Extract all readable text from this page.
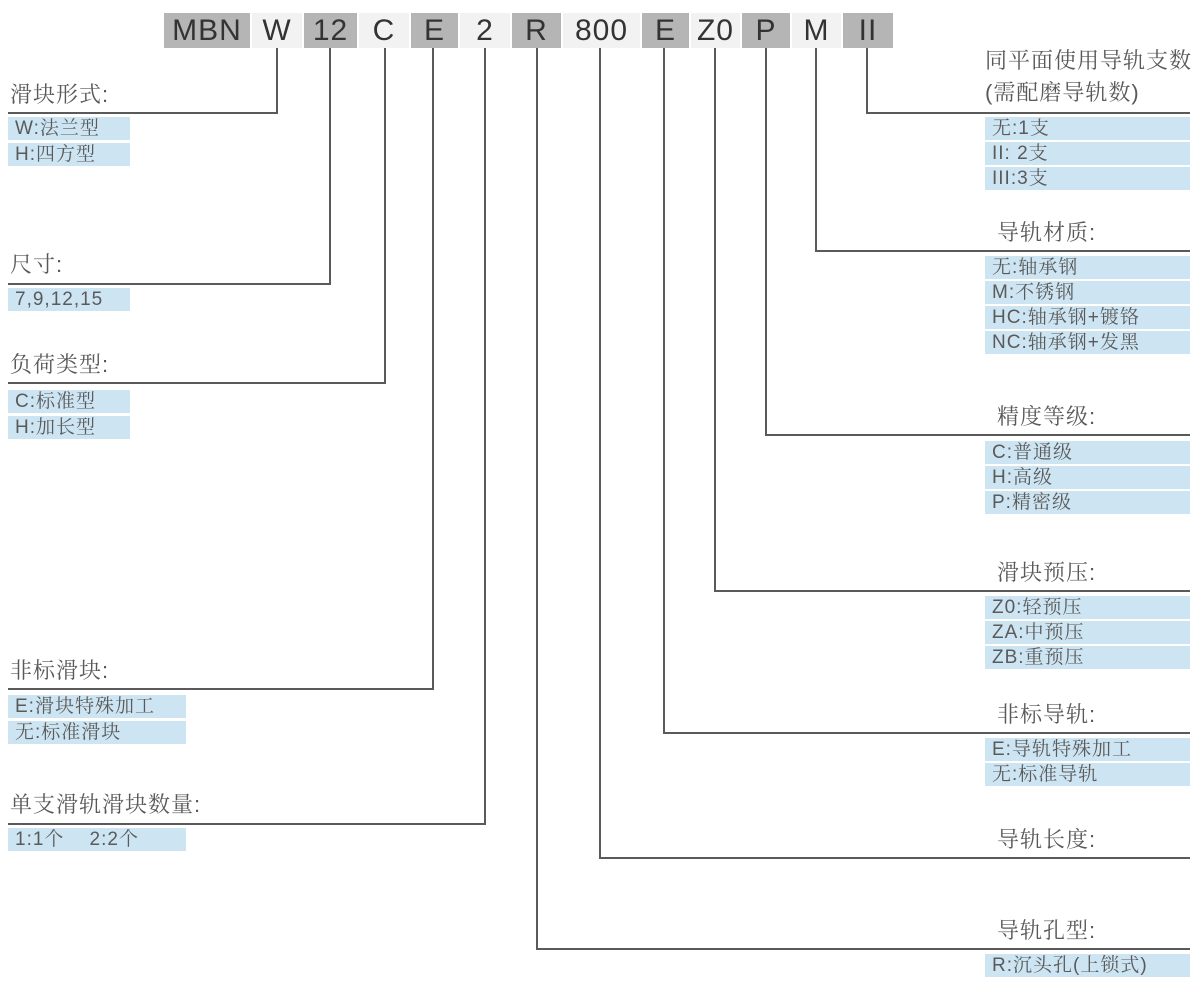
MBN W 12 C E	2	R 800 E Z0 P M II
滑块形式:
W:法兰型
H:四方型
尺寸:
7,9,12,15
负荷类型:
C:标准型
H:加长型
非标滑块:
E:滑块特殊加工
无:标准滑块
单支滑轨滑块数量:
1:1个    2:2个
同平面使用导轨支数
(需配磨导轨数)
无:1支
II: 2支
III:3支
导轨材质:
无:轴承钢
M:不锈钢
HC:轴承钢+镀铬
NC:轴承钢+发黑
精度等级:
C:普通级
H:高级
P:精密级
滑块预压:
Z0:轻预压
ZA:中预压
ZB:重预压
非标导轨:
E:导轨特殊加工
无:标准导轨
导轨长度:
导轨孔型:
R:沉头孔(上锁式)
